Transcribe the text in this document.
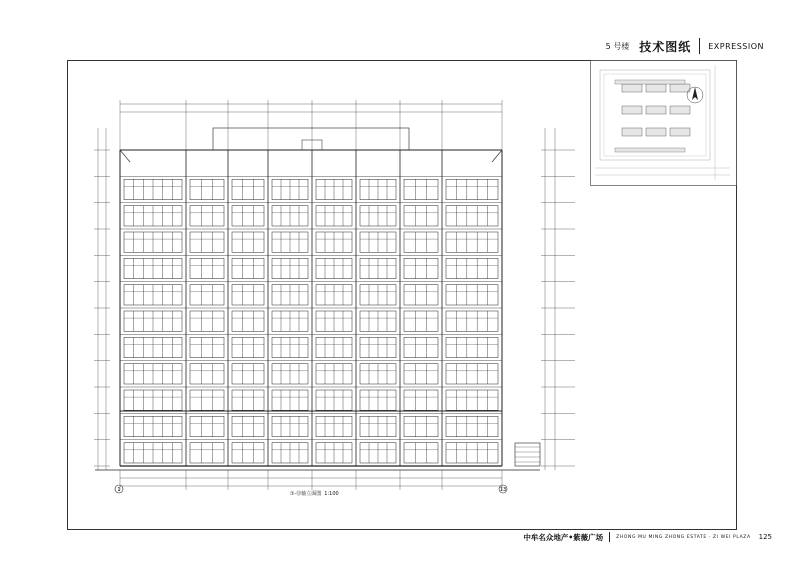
5 号楼 技术图纸 EXPRESSION
1	13
①-⑬轴立面图 1:100
中牟名众地产•紫薇广场	ZHONG MU MING ZHONG ESTATE · ZI WEI PLAZA 125
